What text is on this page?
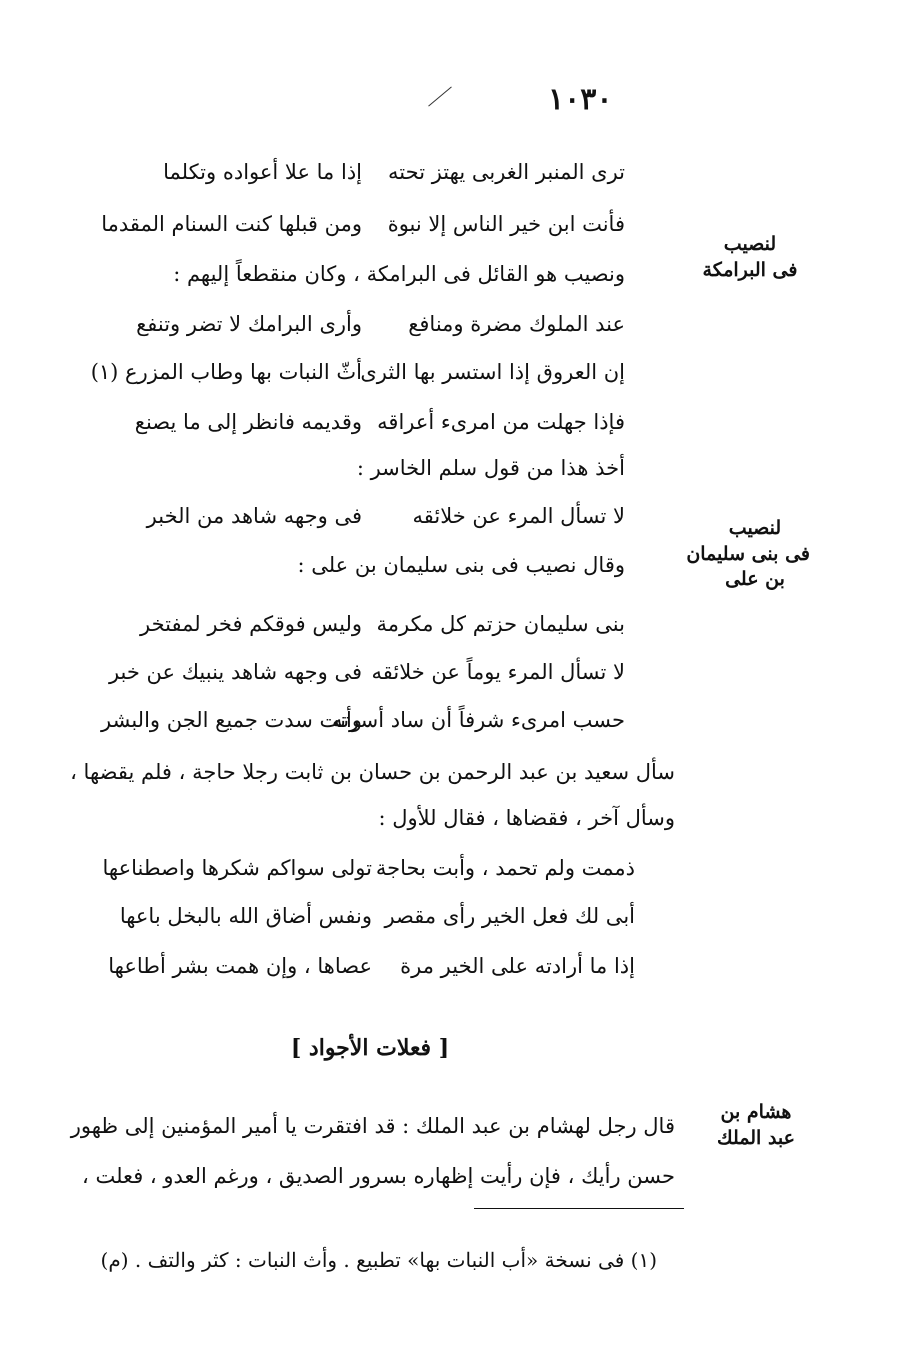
١٠٣٠
لنصيب
فى البرامكة
لنصيب
فى بنى سليمان
بن على
هشام بن
عبد الملك
ترى المنبر الغربى يهتز تحته
إذا ما علا أعواده وتكلما
فأنت ابن خير الناس إلا نبوة
ومن قبلها كنت السنام المقدما
ونصيب هو القائل فى البرامكة ، وكان منقطعاً إليهم :
عند الملوك مضرة ومنافع
وأرى البرامك لا تضر وتنفع
إن العروق إذا استسر بها الثرى
أثّ النبات بها وطاب المزرع (١)
فإذا جهلت من امرىء أعراقه
وقديمه فانظر إلى ما يصنع
أخذ هذا من قول سلم الخاسر :
لا تسأل المرء عن خلائقه
فى وجهه شاهد من الخبر
وقال نصيب فى بنى سليمان بن على :
بنى سليمان حزتم كل مكرمة
وليس فوقكم فخر لمفتخر
لا تسأل المرء يوماً عن خلائقه
فى وجهه شاهد ينبيك عن خبر
حسب امرىء شرفاً أن ساد أسرته
وأنت سدت جميع الجن والبشر
سأل سعيد بن عبد الرحمن بن حسان بن ثابت رجلا حاجة ، فلم يقضها ،
وسأل آخر ، فقضاها ، فقال للأول :
ذممت ولم تحمد ، وأبت بحاجة
تولى سواكم شكرها واصطناعها
أبى لك فعل الخير رأى مقصر
ونفس أضاق الله بالبخل باعها
إذا ما أرادته على الخير مرة
عصاها ، وإن همت بشر أطاعها
[ فعلات الأجواد ]
قال رجل لهشام بن عبد الملك : قد افتقرت يا أمير المؤمنين إلى ظهور
حسن رأيك ، فإن رأيت إظهاره بسرور الصديق ، ورغم العدو ، فعلت ،
(١) فى نسخة «أب النبات بها» تطبيع . وأث النبات : كثر والتف . (م)
